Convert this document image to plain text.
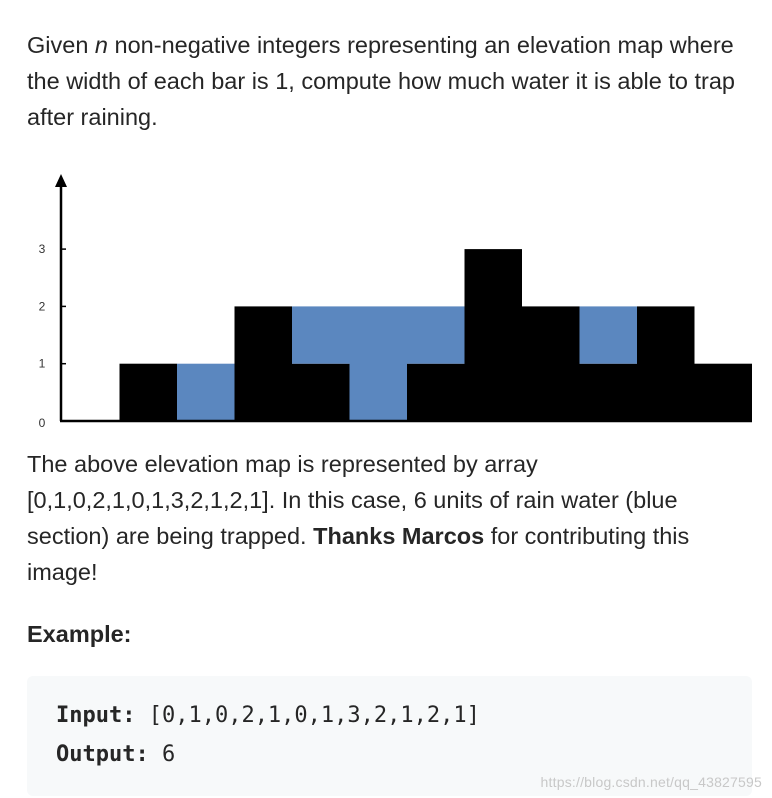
Given n non-negative integers representing an elevation map where the width of each bar is 1, compute how much water it is able to trap after raining.

0
1
2
3

The above elevation map is represented by array [0,1,0,2,1,0,1,3,2,1,2,1]. In this case, 6 units of rain water (blue section) are being trapped. Thanks Marcos for contributing this image!

Example:
Input: [0,1,0,2,1,0,1,3,2,1,2,1]
Output: 6
https://blog.csdn.net/qq_43827595
